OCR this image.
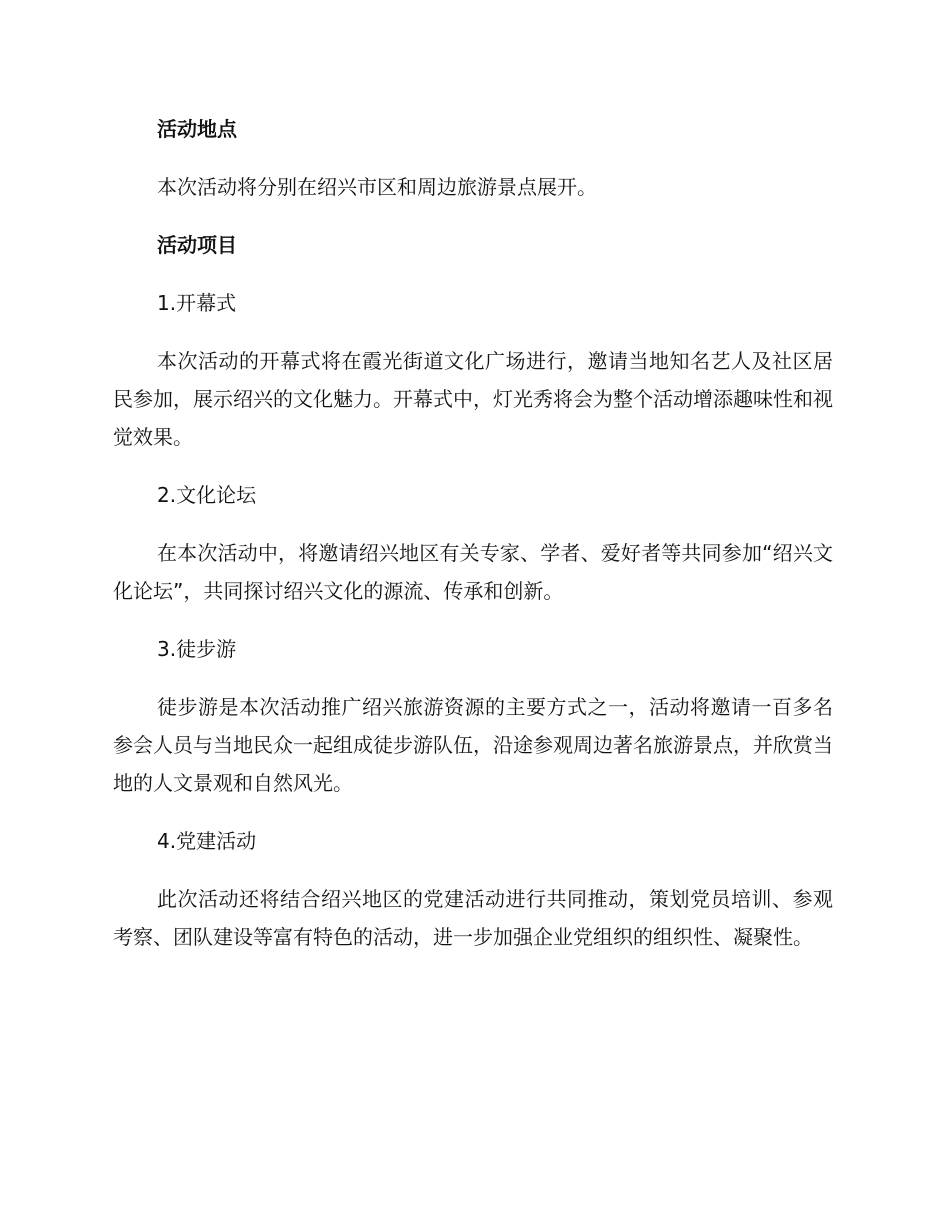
活动地点
本次活动将分别在绍兴市区和周边旅游景点展开。
活动项目
1.开幕式
本次活动的开幕式将在霞光街道文化广场进行，邀请当地知名艺人及社区居民参加，展示绍兴的文化魅力。开幕式中，灯光秀将会为整个活动增添趣味性和视觉效果。
2.文化论坛
在本次活动中，将邀请绍兴地区有关专家、学者、爱好者等共同参加“绍兴文化论坛”，共同探讨绍兴文化的源流、传承和创新。
3.徒步游
徒步游是本次活动推广绍兴旅游资源的主要方式之一，活动将邀请一百多名参会人员与当地民众一起组成徒步游队伍，沿途参观周边著名旅游景点，并欣赏当地的人文景观和自然风光。
4.党建活动
此次活动还将结合绍兴地区的党建活动进行共同推动，策划党员培训、参观考察、团队建设等富有特色的活动，进一步加强企业党组织的组织性、凝聚性。
